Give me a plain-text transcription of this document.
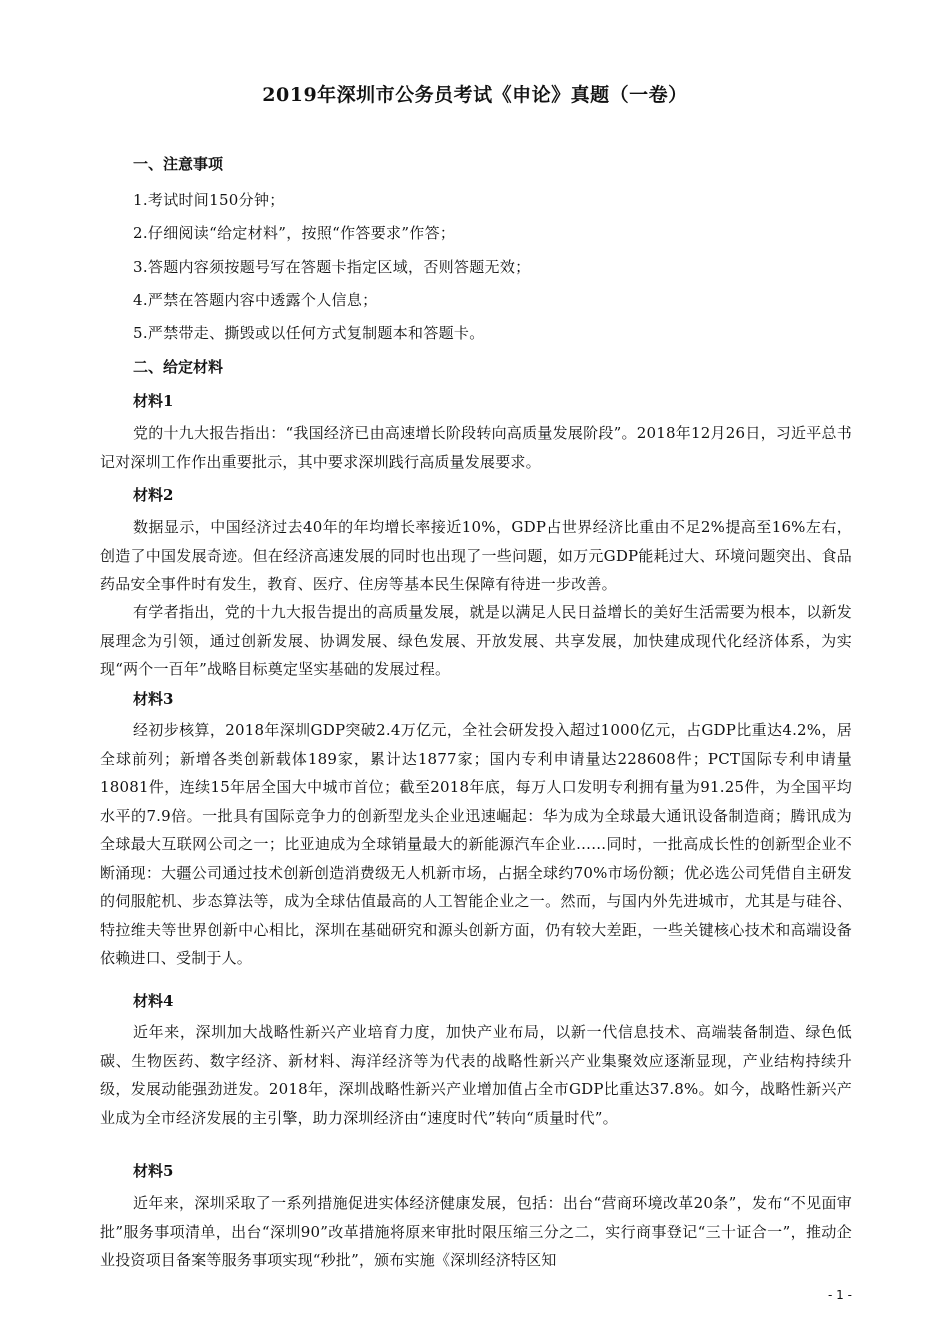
2019年深圳市公务员考试《申论》真题（一卷）
一、注意事项
1.考试时间150分钟；
2.仔细阅读“给定材料”，按照“作答要求”作答；
3.答题内容须按题号写在答题卡指定区域，否则答题无效；
4.严禁在答题内容中透露个人信息；
5.严禁带走、撕毁或以任何方式复制题本和答题卡。
二、给定材料
材料1
党的十九大报告指出：“我国经济已由高速增长阶段转向高质量发展阶段”。2018年12月26日，习近平总书记对深圳工作作出重要批示，其中要求深圳践行高质量发展要求。
材料2
数据显示，中国经济过去40年的年均增长率接近10%，GDP占世界经济比重由不足2%提高至16%左右，创造了中国发展奇迹。但在经济高速发展的同时也出现了一些问题，如万元GDP能耗过大、环境问题突出、食品药品安全事件时有发生，教育、医疗、住房等基本民生保障有待进一步改善。
有学者指出，党的十九大报告提出的高质量发展，就是以满足人民日益增长的美好生活需要为根本，以新发展理念为引领，通过创新发展、协调发展、绿色发展、开放发展、共享发展，加快建成现代化经济体系，为实现“两个一百年”战略目标奠定坚实基础的发展过程。
材料3
经初步核算，2018年深圳GDP突破2.4万亿元，全社会研发投入超过1000亿元，占GDP比重达4.2%，居全球前列；新增各类创新载体189家，累计达1877家；国内专利申请量达228608件；PCT国际专利申请量18081件，连续15年居全国大中城市首位；截至2018年底，每万人口发明专利拥有量为91.25件，为全国平均水平的7.9倍。一批具有国际竞争力的创新型龙头企业迅速崛起：华为成为全球最大通讯设备制造商；腾讯成为全球最大互联网公司之一；比亚迪成为全球销量最大的新能源汽车企业……同时，一批高成长性的创新型企业不断涌现：大疆公司通过技术创新创造消费级无人机新市场，占据全球约70%市场份额；优必选公司凭借自主研发的伺服舵机、步态算法等，成为全球估值最高的人工智能企业之一。然而，与国内外先进城市，尤其是与硅谷、特拉维夫等世界创新中心相比，深圳在基础研究和源头创新方面，仍有较大差距，一些关键核心技术和高端设备依赖进口、受制于人。
材料4
近年来，深圳加大战略性新兴产业培育力度，加快产业布局，以新一代信息技术、高端装备制造、绿色低碳、生物医药、数字经济、新材料、海洋经济等为代表的战略性新兴产业集聚效应逐渐显现，产业结构持续升级，发展动能强劲迸发。2018年，深圳战略性新兴产业增加值占全市GDP比重达37.8%。如今，战略性新兴产业成为全市经济发展的主引擎，助力深圳经济由“速度时代”转向“质量时代”。
材料5
近年来，深圳采取了一系列措施促进实体经济健康发展，包括：出台“营商环境改革20条”，发布“不见面审批”服务事项清单，出台“深圳90”改革措施将原来审批时限压缩三分之二，实行商事登记“三十证合一”，推动企业投资项目备案等服务事项实现“秒批”，颁布实施《深圳经济特区知
- 1 -
